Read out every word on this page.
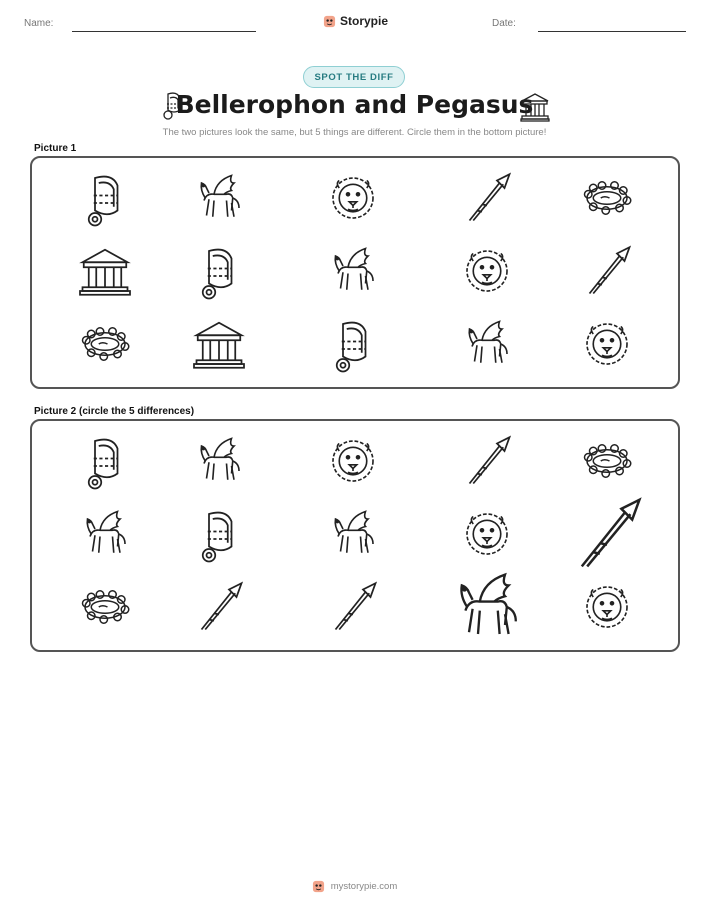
Name:	Storypie	Date:
SPOT THE DIFF
Bellerophon and Pegasus
The two pictures look the same, but 5 things are different. Circle them in the bottom picture!
Picture 1
Picture 2 (circle the 5 differences)
mystorypie.com
